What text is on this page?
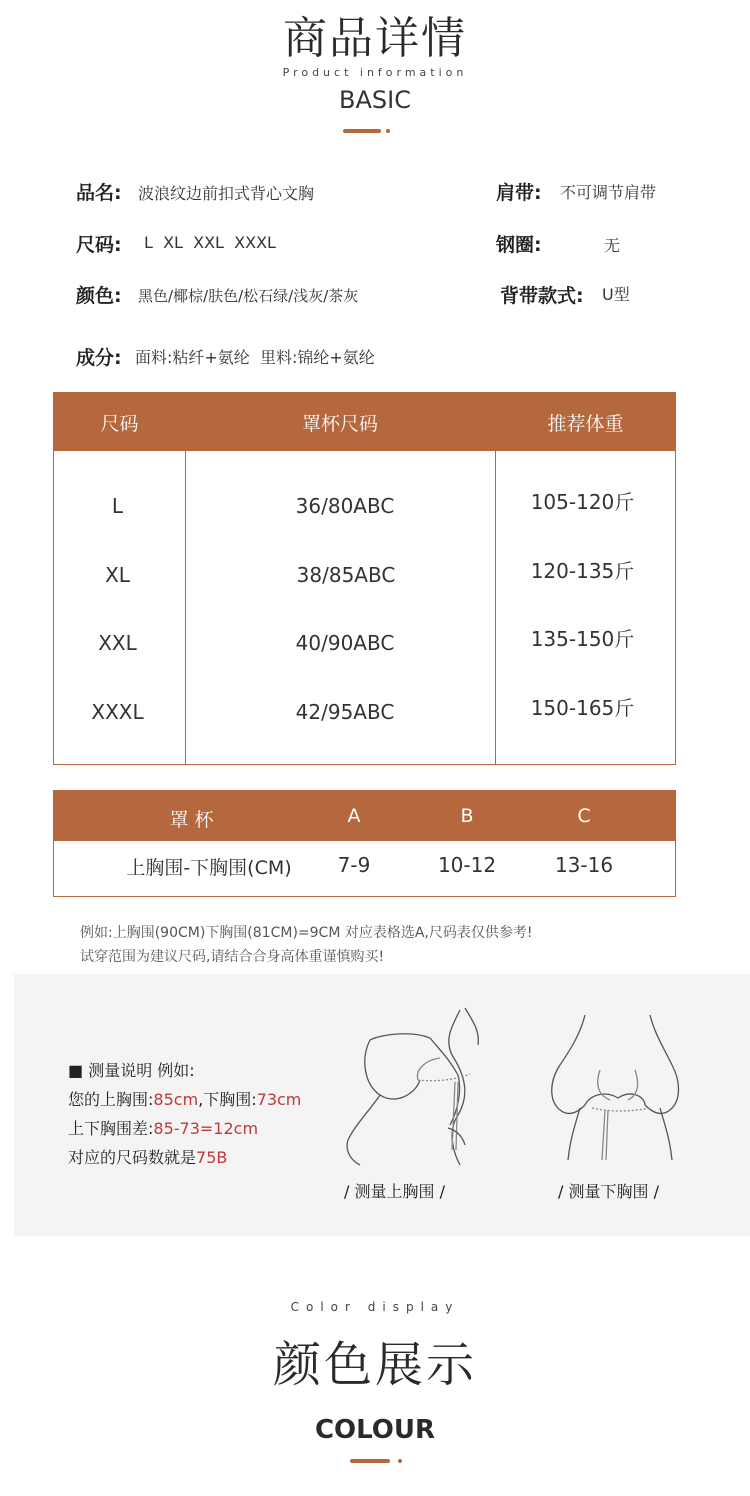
商品详情
Product information
BASIC
品名: 波浪纹边前扣式背心文胸	肩带: 不可调节肩带
尺码: L  XL  XXL  XXXL	钢圈:	无
颜色: 黑色/椰棕/肤色/松石绿/浅灰/茶灰	背带款式: U型
成分: 面料:粘纤+氨纶  里料:锦纶+氨纶
尺码	罩杯尺码	推荐体重
L	36/80ABC	105-120斤
XL	38/85ABC	120-135斤
XXL	40/90ABC	135-150斤
XXXL	42/95ABC	150-165斤
罩 杯	A	B	C
上胸围-下胸围(CM)	7-9	10-12	13-16
例如:上胸围(90CM)下胸围(81CM)=9CM 对应表格选A,尺码表仅供参考!
试穿范围为建议尺码,请结合合身高体重谨慎购买!
■ 测量说明 例如:
您的上胸围:85cm,下胸围:73cm
上下胸围差:85-73=12cm
对应的尺码数就是75B
/ 测量上胸围 /	/ 测量下胸围 /
Color display
颜色展示
COLOUR
